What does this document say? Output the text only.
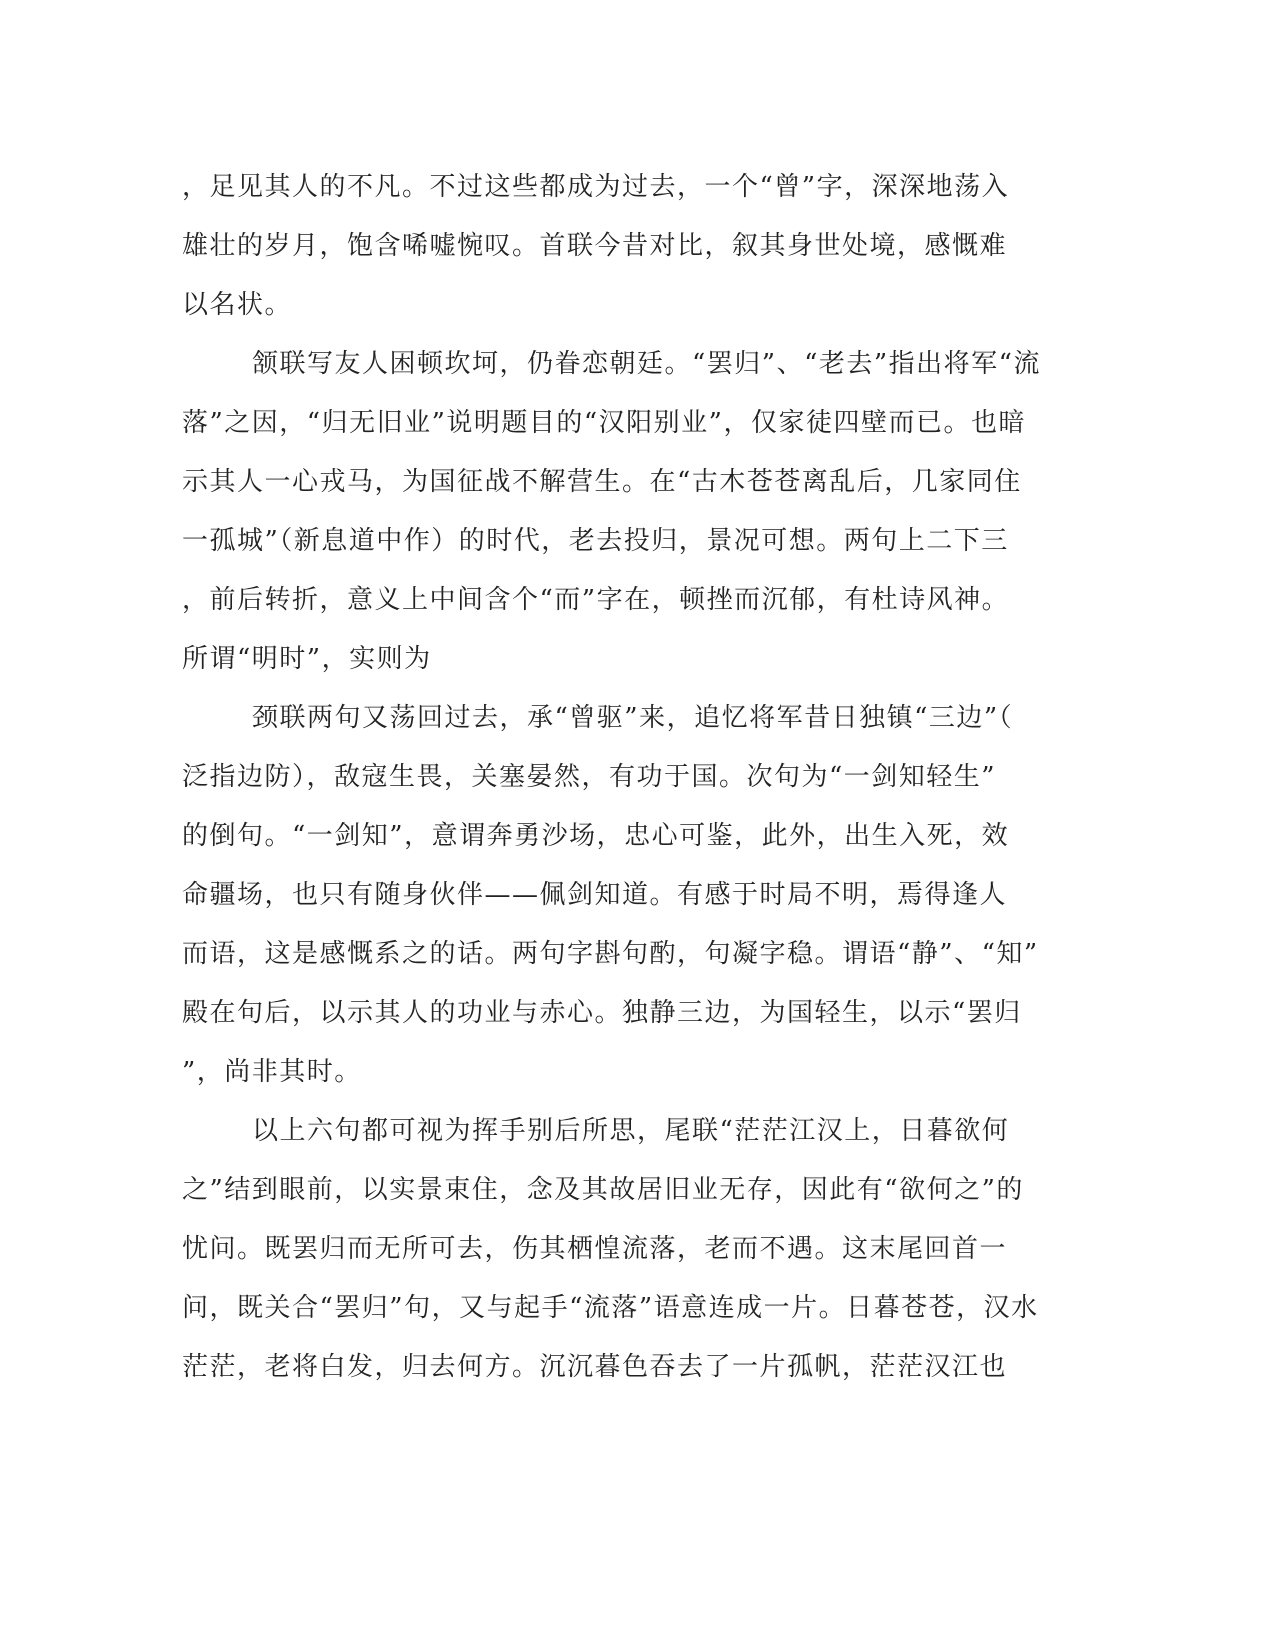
，足见其人的不凡。不过这些都成为过去，一个“曾”字，深深地荡入
雄壮的岁月，饱含唏嘘惋叹。首联今昔对比，叙其身世处境，感慨难
以名状。
颔联写友人困顿坎坷，仍眷恋朝廷。“罢归”、“老去”指出将军“流
落”之因，“归无旧业”说明题目的“汉阳别业”，仅家徒四壁而已。也暗
示其人一心戎马，为国征战不解营生。在“古木苍苍离乱后，几家同住
一孤城”（新息道中作）的时代，老去投归，景况可想。两句上二下三
，前后转折，意义上中间含个“而”字在，顿挫而沉郁，有杜诗风神。
所谓“明时”，实则为
颈联两句又荡回过去，承“曾驱”来，追忆将军昔日独镇“三边”（
泛指边防），敌寇生畏，关塞晏然，有功于国。次句为“一剑知轻生”
的倒句。“一剑知”，意谓奔勇沙场，忠心可鉴，此外，出生入死，效
命疆场，也只有随身伙伴——佩剑知道。有感于时局不明，焉得逢人
而语，这是感慨系之的话。两句字斟句酌，句凝字稳。谓语“静”、“知”
殿在句后，以示其人的功业与赤心。独静三边，为国轻生，以示“罢归
”，尚非其时。
以上六句都可视为挥手别后所思，尾联“茫茫江汉上，日暮欲何
之”结到眼前，以实景束住，念及其故居旧业无存，因此有“欲何之”的
忧问。既罢归而无所可去，伤其栖惶流落，老而不遇。这末尾回首一
问，既关合“罢归”句，又与起手“流落”语意连成一片。日暮苍苍，汉水
茫茫，老将白发，归去何方。沉沉暮色吞去了一片孤帆，茫茫汉江也
